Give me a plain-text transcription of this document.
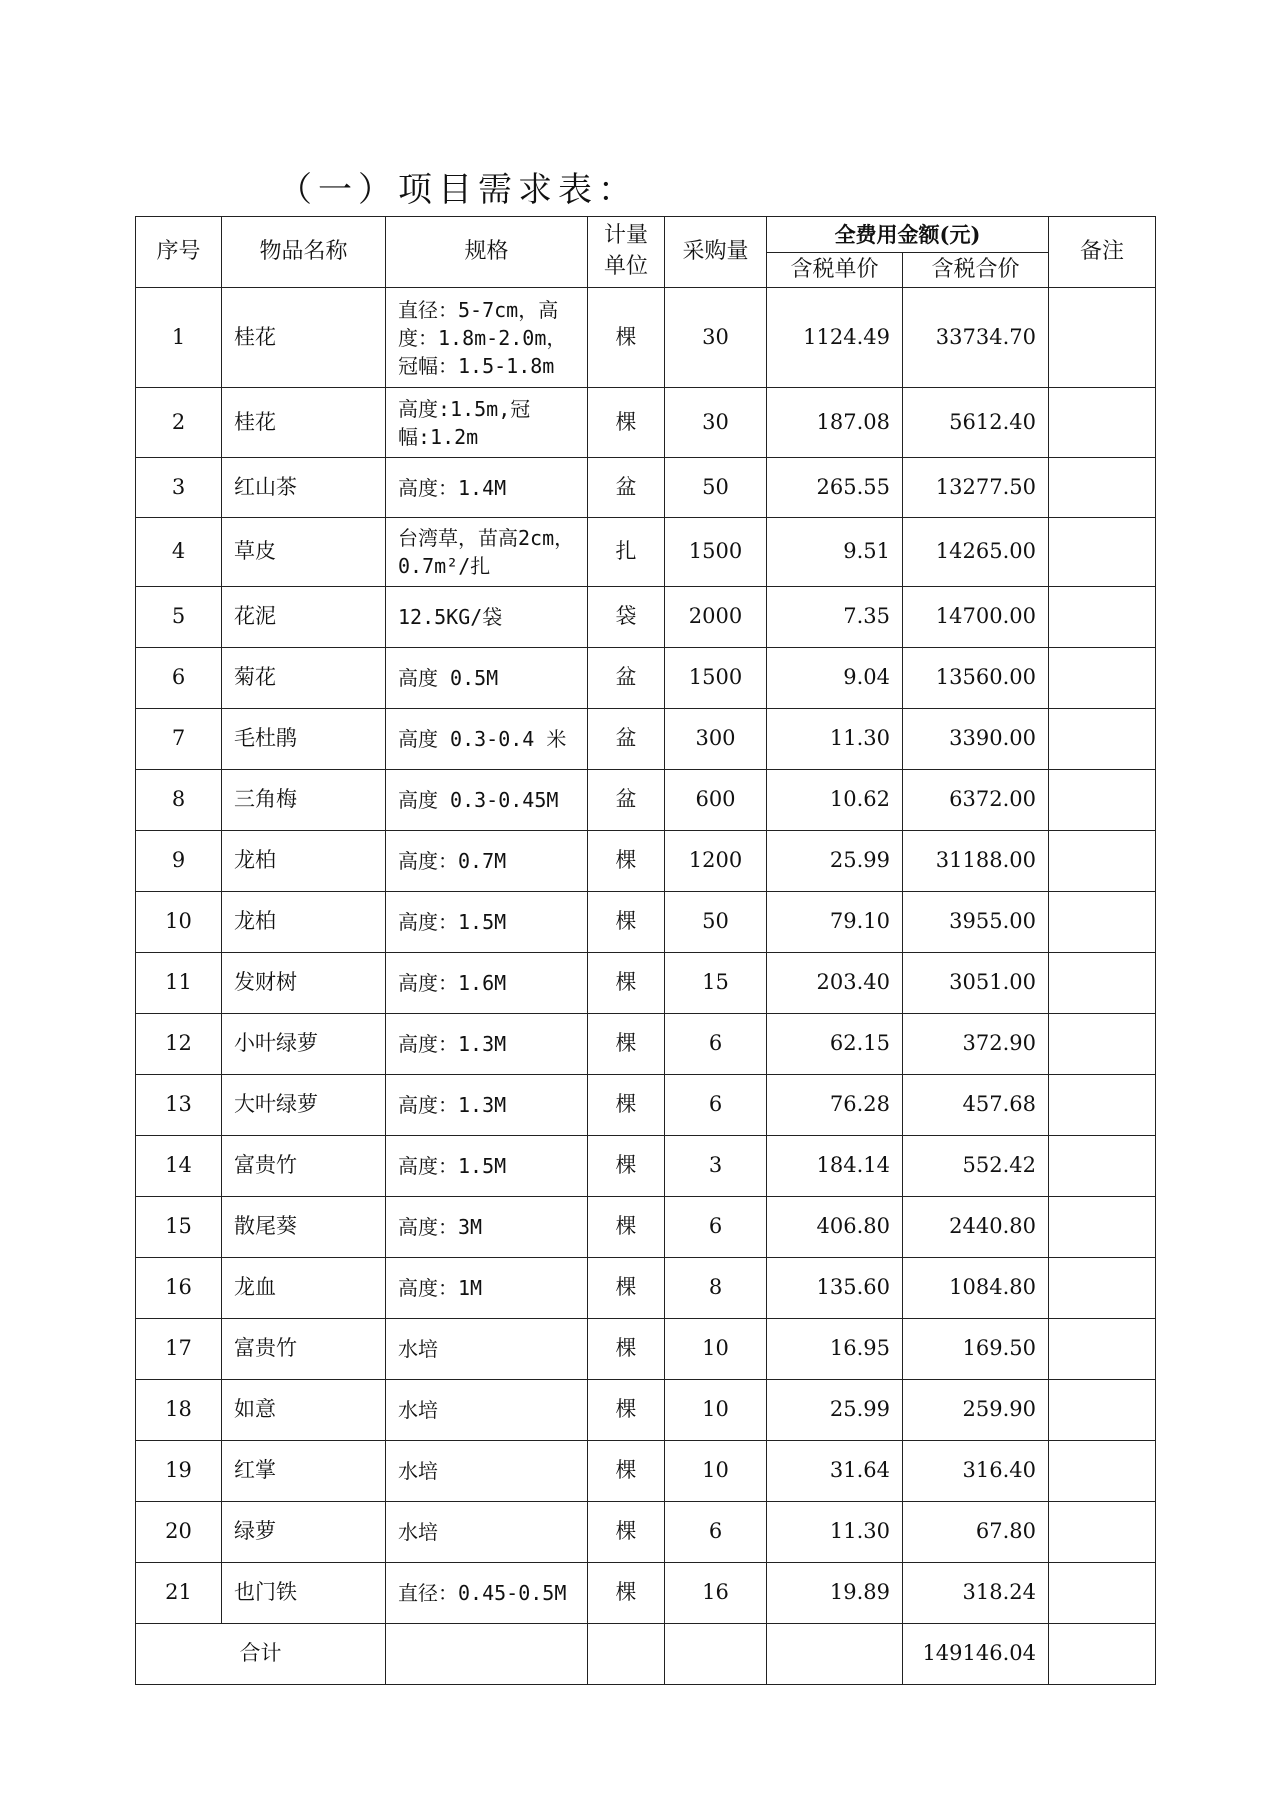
（一）项目需求表：
序号	物品名称	规格	计量单位	采购量	全费用金额(元)		备注
					含税单价	含税合价	
1	桂花	直径：5-7cm，高度：1.8m-2.0m，冠幅：1.5-1.8m	棵	30	1124.49	33734.70	
2	桂花	高度:1.5m,冠幅:1.2m	棵	30	187.08	5612.40	
3	红山茶	高度：1.4M	盆	50	265.55	13277.50	
4	草皮	台湾草，苗高2cm，0.7m²/扎	扎	1500	9.51	14265.00	
5	花泥	12.5KG/袋	袋	2000	7.35	14700.00	
6	菊花	高度 0.5M	盆	1500	9.04	13560.00	
7	毛杜鹃	高度 0.3-0.4 米	盆	300	11.30	3390.00	
8	三角梅	高度 0.3-0.45M	盆	600	10.62	6372.00	
9	龙柏	高度：0.7M	棵	1200	25.99	31188.00	
10	龙柏	高度：1.5M	棵	50	79.10	3955.00	
11	发财树	高度：1.6M	棵	15	203.40	3051.00	
12	小叶绿萝	高度：1.3M	棵	6	62.15	372.90	
13	大叶绿萝	高度：1.3M	棵	6	76.28	457.68	
14	富贵竹	高度：1.5M	棵	3	184.14	552.42	
15	散尾葵	高度：3M	棵	6	406.80	2440.80	
16	龙血	高度：1M	棵	8	135.60	1084.80	
17	富贵竹	水培	棵	10	16.95	169.50	
18	如意	水培	棵	10	25.99	259.90	
19	红掌	水培	棵	10	31.64	316.40	
20	绿萝	水培	棵	6	11.30	67.80	
21	也门铁	直径：0.45-0.5M	棵	16	19.89	318.24	
合计						149146.04	
